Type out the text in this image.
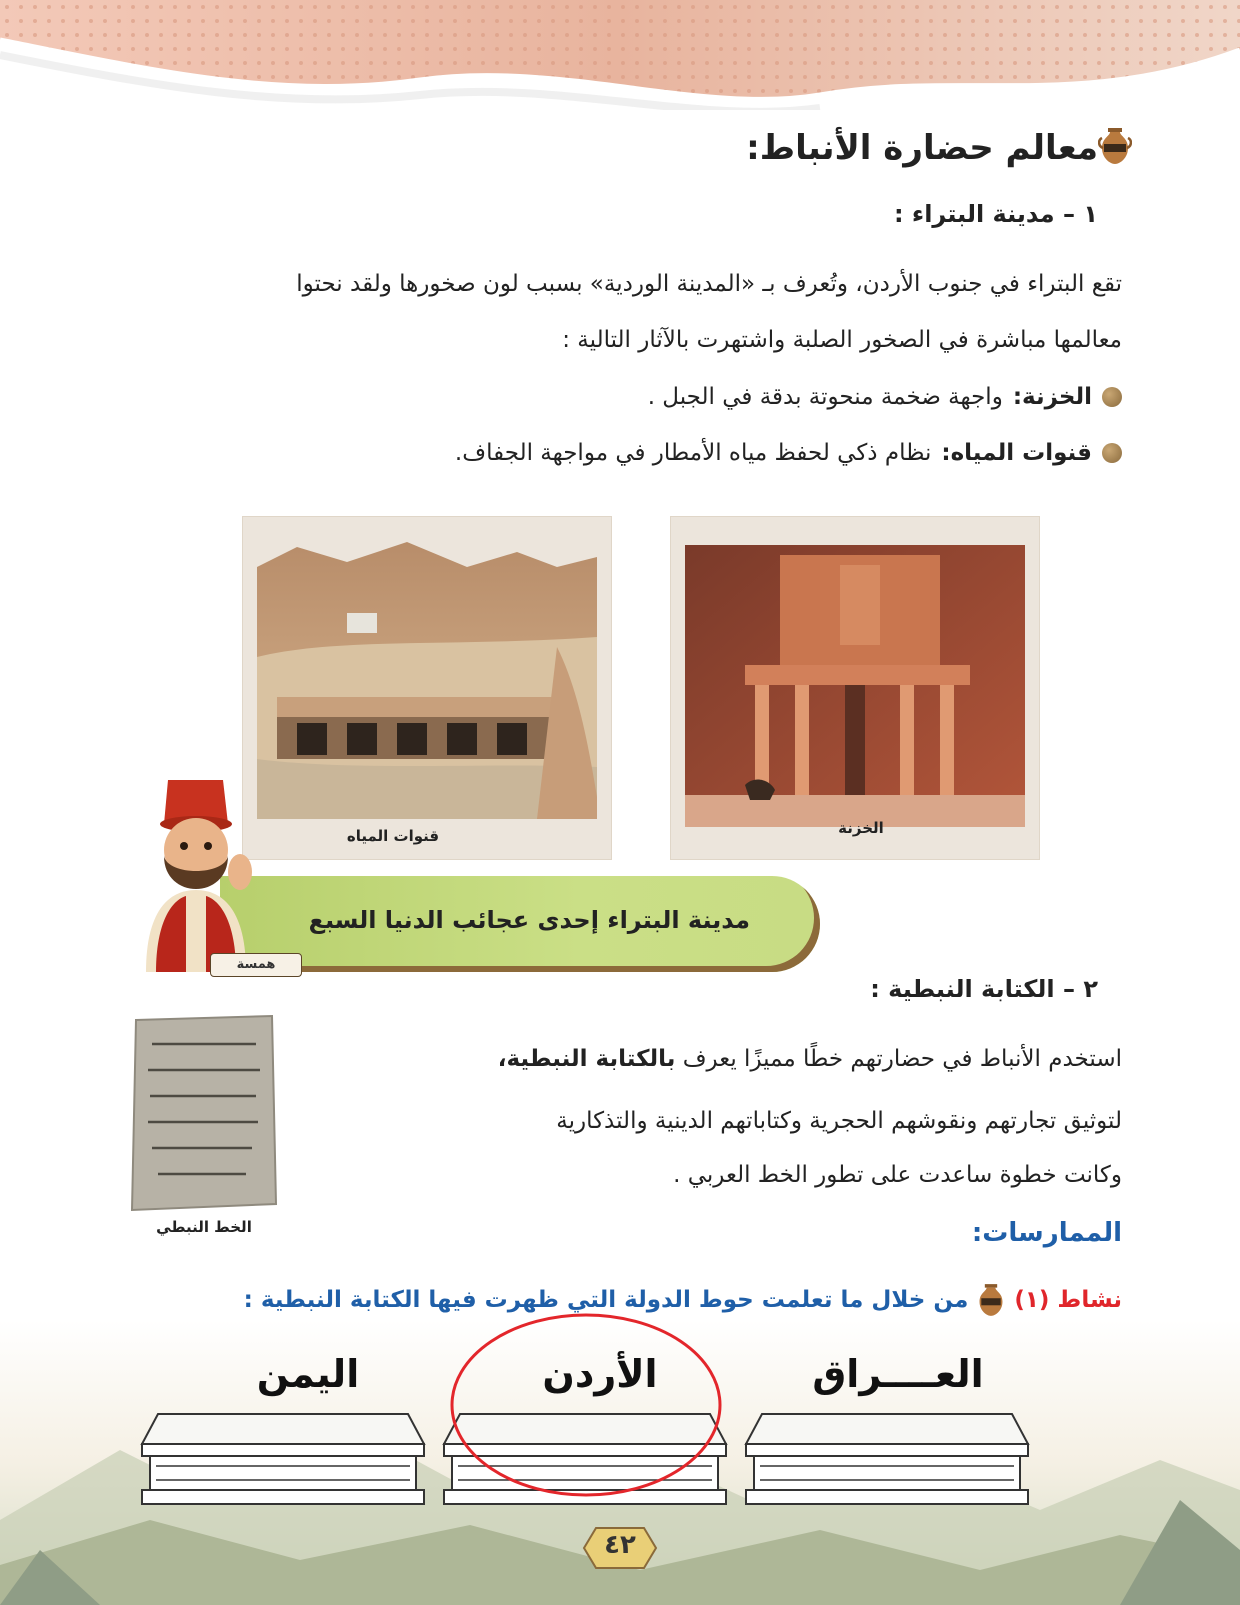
معالم حضارة الأنباط:
١ – مدينة البتراء :
تقع البتراء في جنوب الأردن، وتُعرف بـ «المدينة الوردية» بسبب لون صخورها ولقد نحتوا
معالمها مباشرة في الصخور الصلبة واشتهرت بالآثار التالية :
الخزنة:
واجهة ضخمة منحوتة بدقة في الجبل .
قنوات المياه:
نظام ذكي لحفظ مياه الأمطار في مواجهة الجفاف.
قنوات المياه	الخزنة
مدينة البتراء إحدى عجائب الدنيا السبع
همسة
٢ – الكتابة النبطية :
الخط النبطي
استخدم الأنباط في حضارتهم خطًا مميزًا يعرف بالكتابة النبطية،
لتوثيق تجارتهم ونقوشهم الحجرية وكتاباتهم الدينية والتذكارية
وكانت خطوة ساعدت على تطور الخط العربي .
الممارسات:
نشاط (١)
من خلال ما تعلمت حوط الدولة التي ظهرت فيها الكتابة النبطية :
العــــراق
الأردن
اليمن
٤٢
